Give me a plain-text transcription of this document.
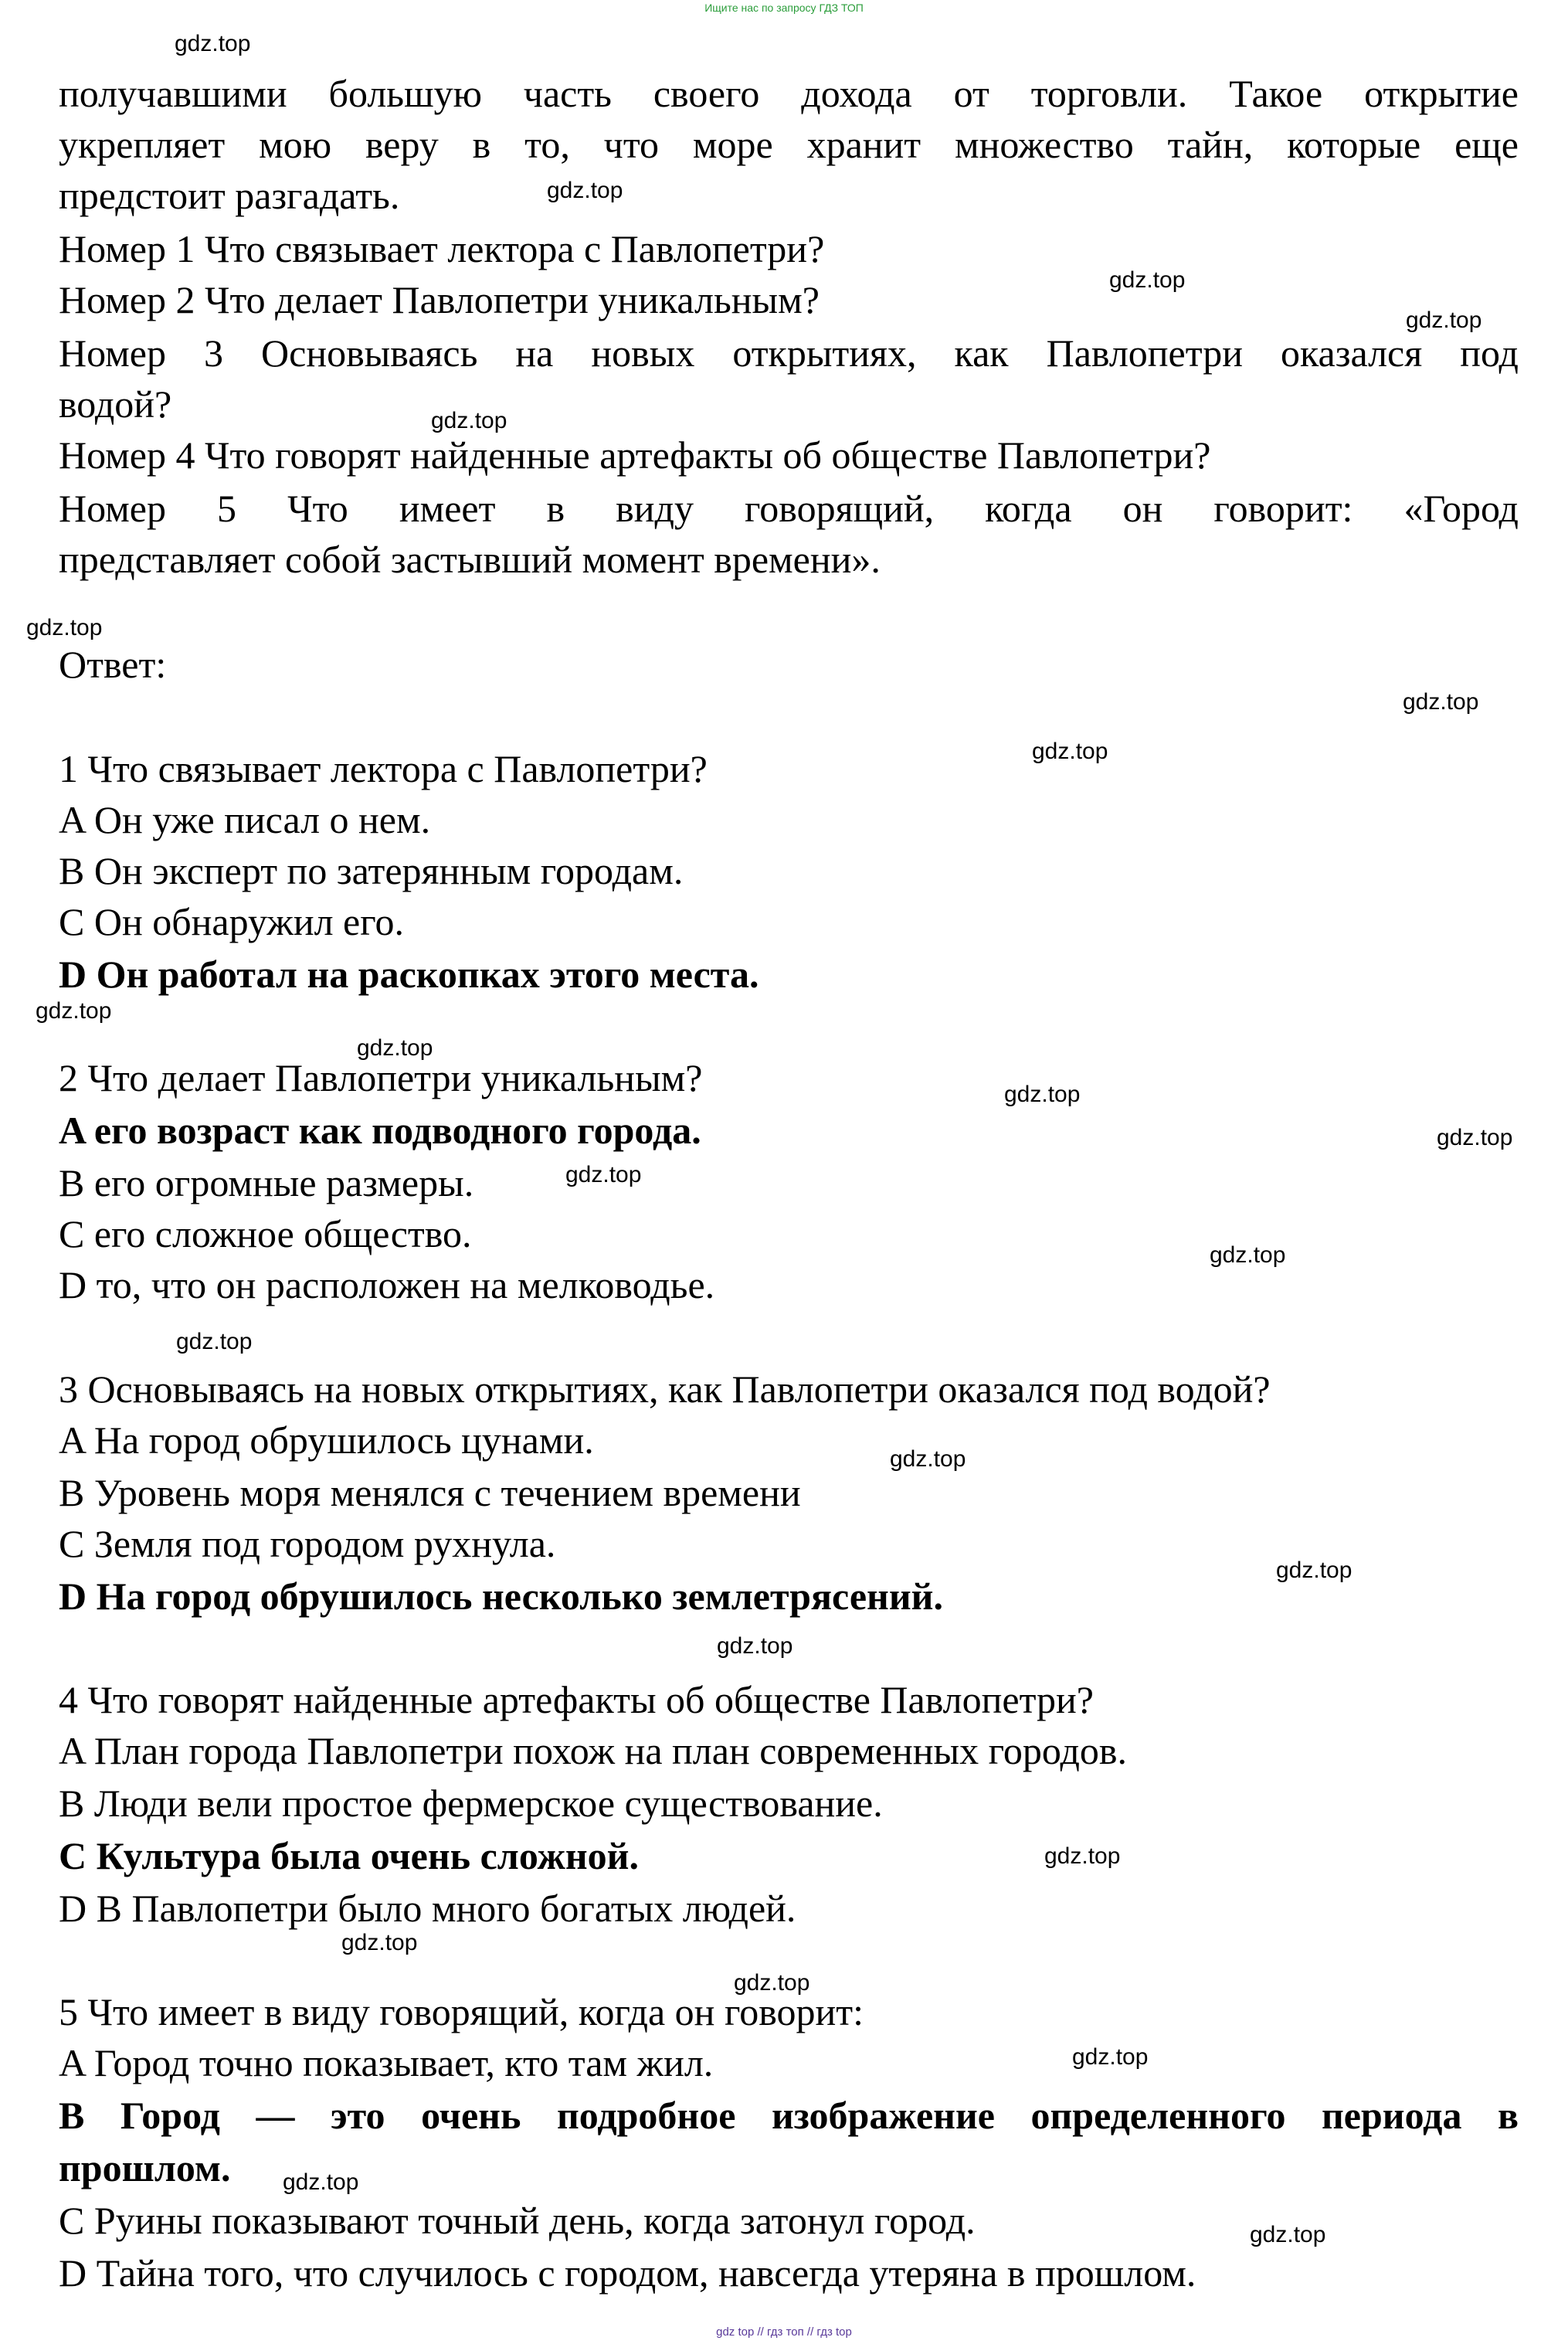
Ищите нас по запросу ГДЗ ТОП
получавшими большую часть своего дохода от торговли. Такое открытие
укрепляет мою веру в то, что море хранит множество тайн, которые еще
предстоит разгадать.
Номер 1 Что связывает лектора с Павлопетри?
Номер 2 Что делает Павлопетри уникальным?
Номер 3 Основываясь на новых открытиях, как Павлопетри оказался под
водой?
Номер 4 Что говорят найденные артефакты об обществе Павлопетри?
Номер 5 Что имеет в виду говорящий, когда он говорит: «Город
представляет собой застывший момент времени».
Ответ:
1 Что связывает лектора с Павлопетри?
A Он уже писал о нем.
B Он эксперт по затерянным городам.
C Он обнаружил его.
D Он работал на раскопках этого места.
2 Что делает Павлопетри уникальным?
A его возраст как подводного города.
B его огромные размеры.
C его сложное общество.
D то, что он расположен на мелководье.
3 Основываясь на новых открытиях, как Павлопетри оказался под водой?
A На город обрушилось цунами.
B Уровень моря менялся с течением времени
C Земля под городом рухнула.
D На город обрушилось несколько землетрясений.
4 Что говорят найденные артефакты об обществе Павлопетри?
A План города Павлопетри похож на план современных городов.
B Люди вели простое фермерское существование.
C Культура была очень сложной.
D В Павлопетри было много богатых людей.
5 Что имеет в виду говорящий, когда он говорит:
A Город точно показывает, кто там жил.
B Город — это очень подробное изображение определенного периода в
прошлом.
C Руины показывают точный день, когда затонул город.
D Тайна того, что случилось с городом, навсегда утеряна в прошлом.
gdz.top
gdz.top
gdz.top
gdz.top
gdz.top
gdz.top
gdz.top
gdz.top
gdz.top
gdz.top
gdz.top
gdz.top
gdz.top
gdz.top
gdz.top
gdz.top
gdz.top
gdz.top
gdz.top
gdz.top
gdz.top
gdz.top
gdz.top
gdz.top
gdz top // гдз топ // гдз top
